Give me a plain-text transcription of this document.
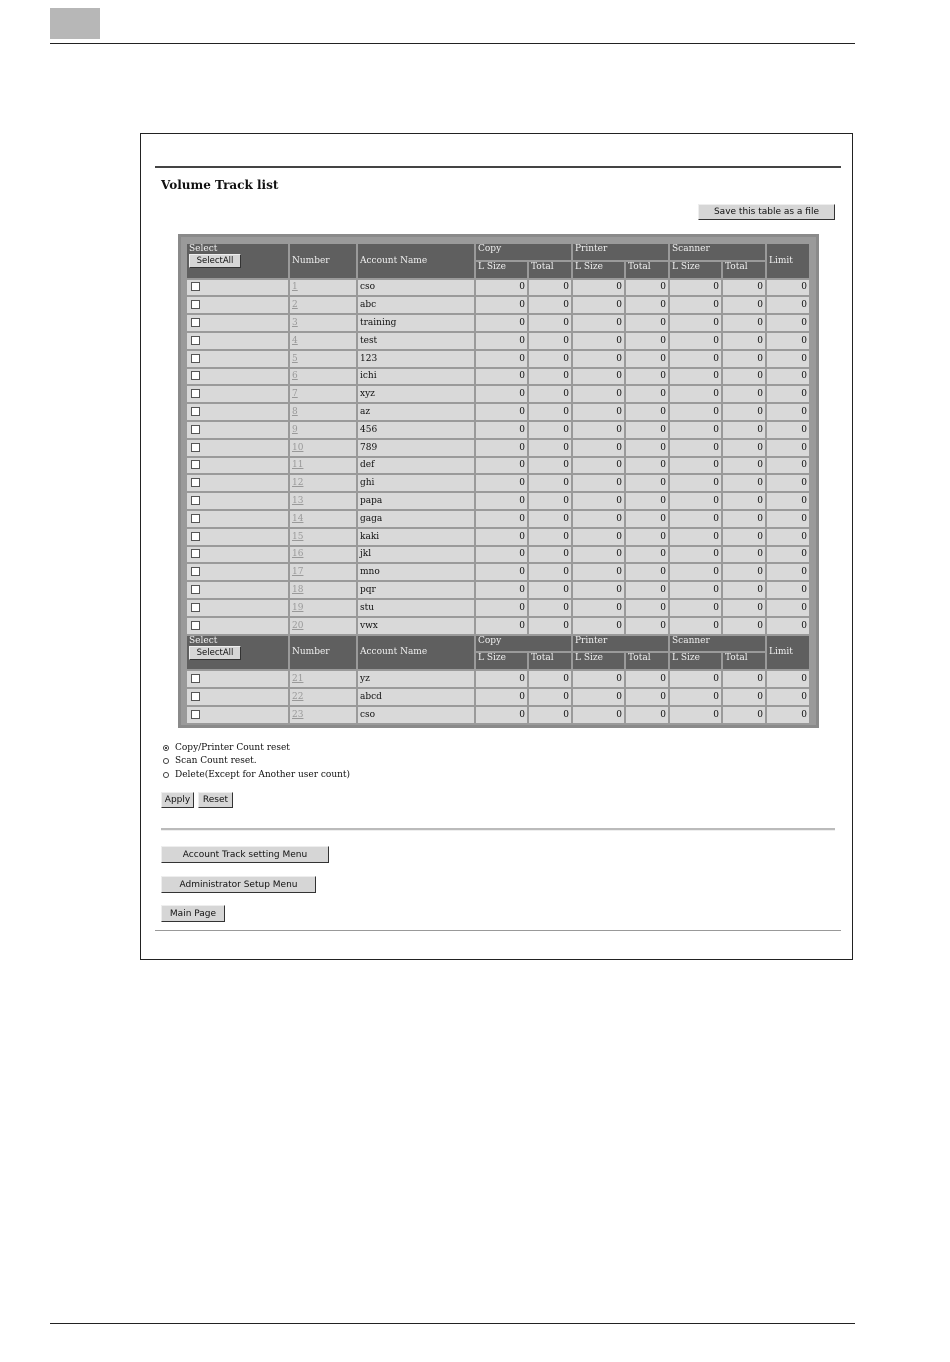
Volume Track list
Save this table as a file
Select
SelectAll	Number	Account Name	Copy		Printer		Scanner		Limit
			L Size	Total	L Size	Total	L Size	Total	
	1	cso	0	0	0	0	0	0	0
	2	abc	0	0	0	0	0	0	0
	3	training	0	0	0	0	0	0	0
	4	test	0	0	0	0	0	0	0
	5	123	0	0	0	0	0	0	0
	6	ichi	0	0	0	0	0	0	0
	7	xyz	0	0	0	0	0	0	0
	8	az	0	0	0	0	0	0	0
	9	456	0	0	0	0	0	0	0
	10	789	0	0	0	0	0	0	0
	11	def	0	0	0	0	0	0	0
	12	ghi	0	0	0	0	0	0	0
	13	papa	0	0	0	0	0	0	0
	14	gaga	0	0	0	0	0	0	0
	15	kaki	0	0	0	0	0	0	0
	16	jkl	0	0	0	0	0	0	0
	17	mno	0	0	0	0	0	0	0
	18	pqr	0	0	0	0	0	0	0
	19	stu	0	0	0	0	0	0	0
	20	vwx	0	0	0	0	0	0	0

Select
SelectAll	Number	Account Name	Copy		Printer		Scanner		Limit
			L Size	Total	L Size	Total	L Size	Total	
	21	yz	0	0	0	0	0	0	0
	22	abcd	0	0	0	0	0	0	0
	23	cso	0	0	0	0	0	0	0
Copy/Printer Count reset
Scan Count reset.
Delete(Except for Another user count)
Apply	Reset
Account Track setting Menu
Administrator Setup Menu
Main Page
